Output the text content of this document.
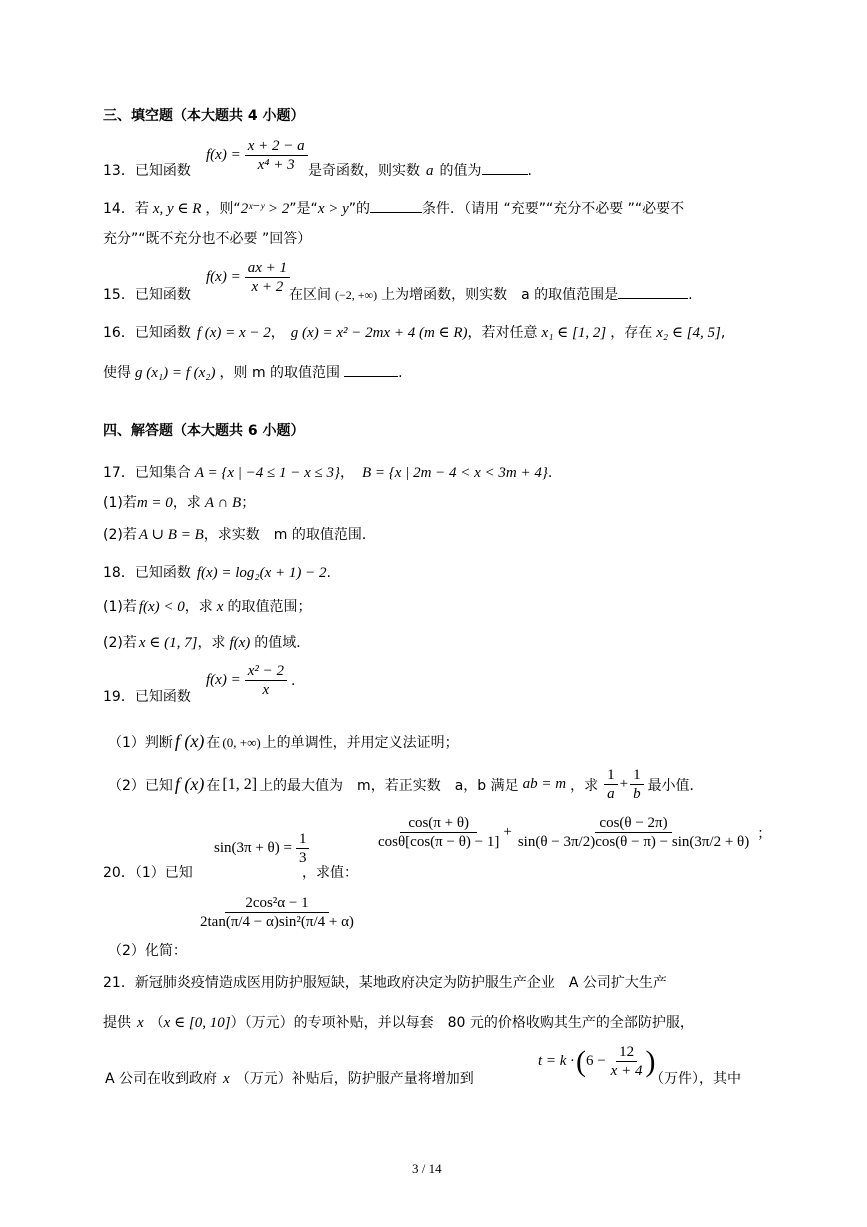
三、填空题（本大题共 4 小题）
13．已知函数
$f(x) = \frac{x + 2 - a}{\text{x⁴ + 3}}$ 是奇函数，则实数 a 的值为	.
14．若 x, y ∈ R ，则“2ˣ⁻ʸ > 2”是“x > y”的	条件．（请用 “充要”“充分不必要 ”“必要不
充分”“既不充分也不必要 ”回答）
15．已知函数
$f(x) = \frac{ax + 1}{x + 2}$ 在区间 (−2, +∞) 上为增函数，则实数　a 的取值范围是	.
16．已知函数 f (x) = x − 2， g (x) = x² − 2mx + 4 (m ∈ R)，若对任意 x₁ ∈ [1, 2] ，存在 x₂ ∈ [4, 5],
使得 g (x₁) = f (x₂) ，则 m 的取值范围	.
四、解答题（本大题共 6 小题）
17．已知集合 A = {x | −4 ≤ 1 − x ≤ 3}， B = {x | 2m − 4 < x < 3m + 4}.
(1)若m = 0，求 A ∩ B；
(2)若 A ∪ B = B，求实数　m 的取值范围．
18．已知函数 f(x) = log₂(x + 1) − 2.
(1)若 f(x) < 0，求 x 的取值范围；
(2)若 x ∈ (1, 7]，求 f(x) 的值域．
19．已知函数
$f(x) = \frac{\text{x² − 2}}{x}$ .
（1）判断 f (x) 在 (0, +∞) 上的单调性，并用定义法证明；
（2）已知 f (x) 在 [1, 2] 上的最大值为　m，若正实数　a，b 满足 ab = m ，求 $\frac{1}{a} + \frac{1}{b}$ 最小值．
20．（1）已知
$\sin(3\pi + \theta) = \frac{1}{3}$
，求值：
$\frac{\cos(\pi + \theta)}{\cos\theta[\cos(\pi - \theta) - 1]} + \frac{\cos(\theta - 2\pi)}{\sin(\theta - 3\pi/2)\cos(\theta - \pi) - \sin(3\pi/2 + \theta)}$ ；
$\frac{\text{2cos²α − 1}}{\text{2tan(π/4 − α)sin²(π/4 + α)}}$
（2）化简：
21．新冠肺炎疫情造成医用防护服短缺，某地政府决定为防护服生产企业　A 公司扩大生产
提供 x （x ∈ [0, 10]）（万元）的专项补贴，并以每套　80 元的价格收购其生产的全部防护服，
A 公司在收到政府 x （万元）补贴后，防护服产量将增加到
t = k · ( $6 - \frac{12}{x + 4}$ )
（万件），其中
3 / 14
